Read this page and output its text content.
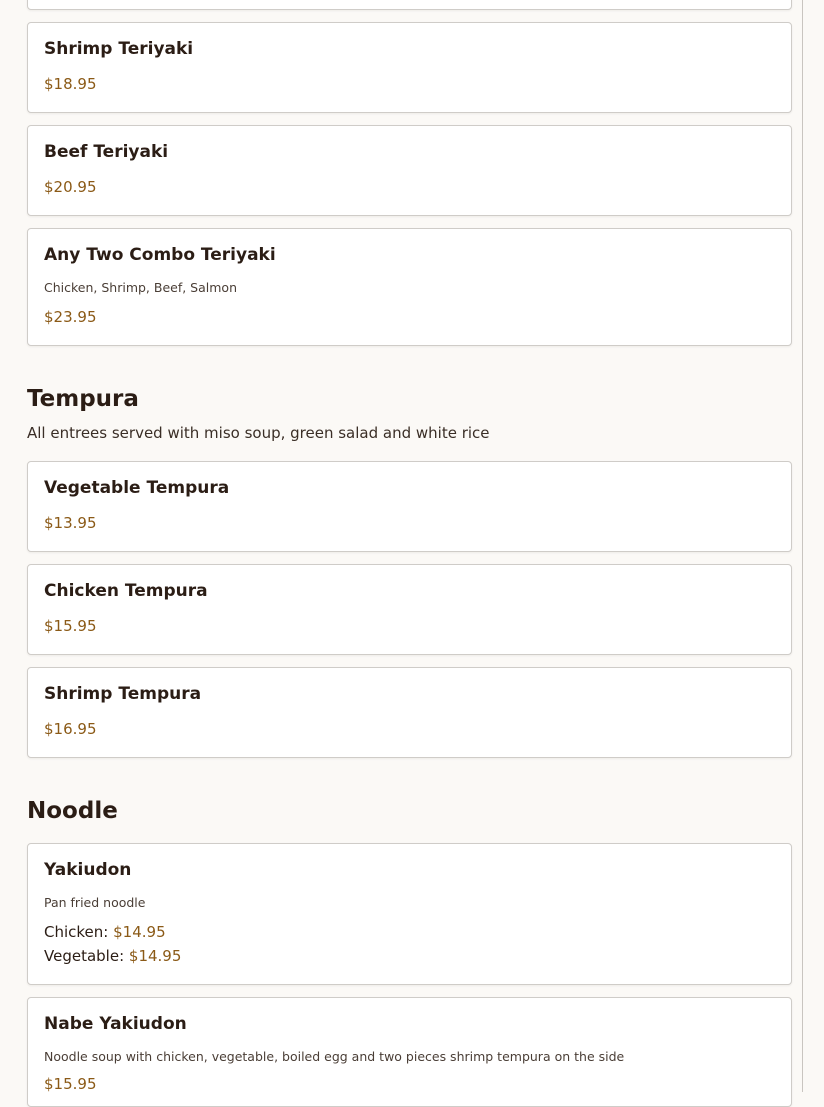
Shrimp Teriyaki
$18.95
Beef Teriyaki
$20.95
Any Two Combo Teriyaki
Chicken, Shrimp, Beef, Salmon
$23.95
Tempura
All entrees served with miso soup, green salad and white rice
Vegetable Tempura
$13.95
Chicken Tempura
$15.95
Shrimp Tempura
$16.95
Noodle
Yakiudon
Pan fried noodle
Chicken: $14.95
Vegetable: $14.95
Nabe Yakiudon
Noodle soup with chicken, vegetable, boiled egg and two pieces shrimp tempura on the side
$15.95
